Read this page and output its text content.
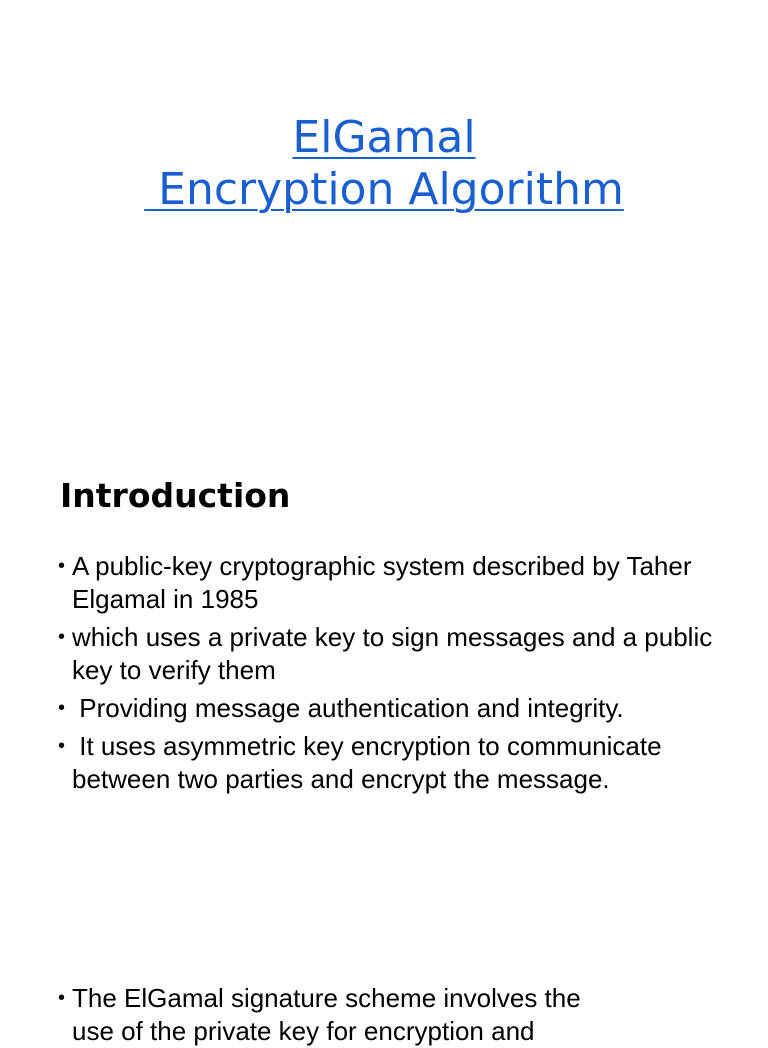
ElGamal
Encryption Algorithm
Introduction
• A public-key cryptographic system described by Taher Elgamal in 1985
• which uses a private key to sign messages and a public key to verify them
• Providing message authentication and integrity.
• It uses asymmetric key encryption to communicate between two parties and encrypt the message.
• The ElGamal signature scheme involves the
use of the private key for encryption and
